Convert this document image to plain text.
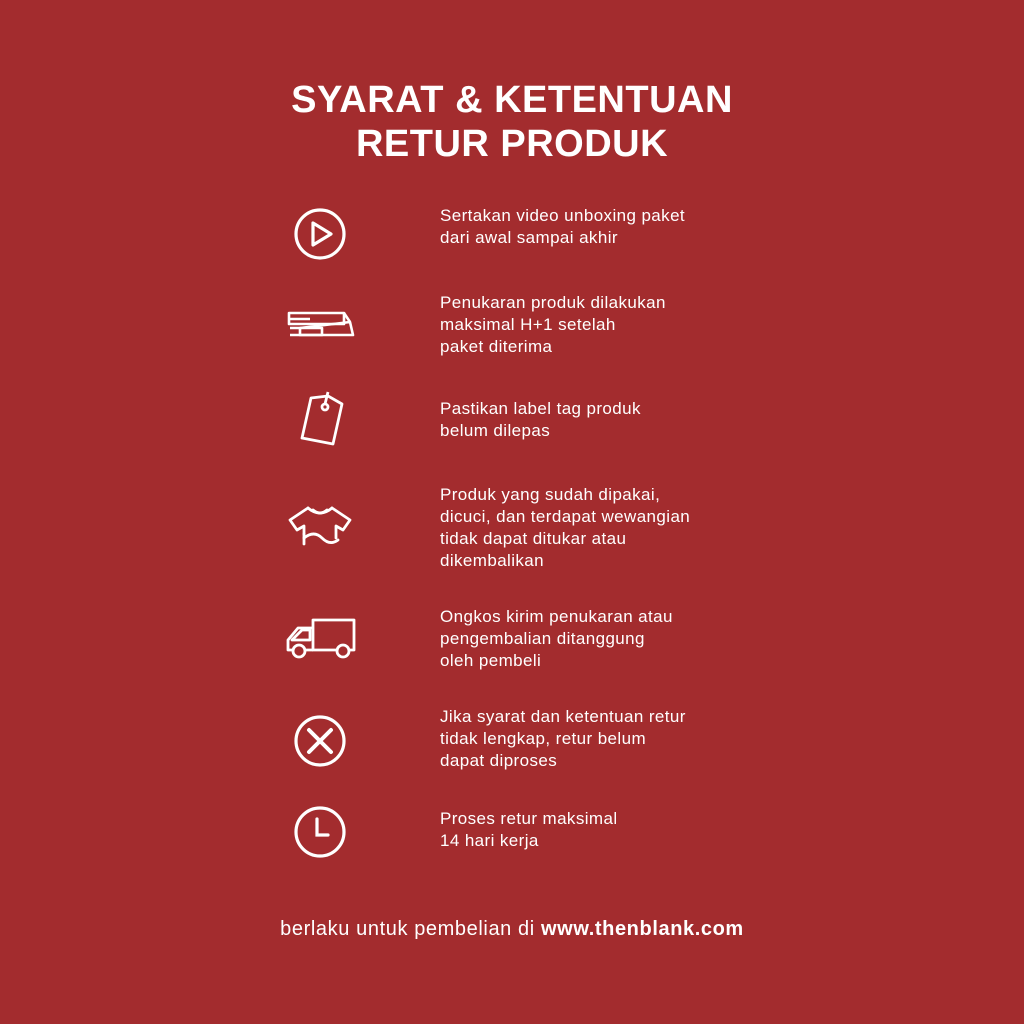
SYARAT & KETENTUAN
RETUR PRODUK
Sertakan video unboxing paket
dari awal sampai akhir
Penukaran produk dilakukan
maksimal H+1 setelah
paket diterima
Pastikan label tag produk
belum dilepas
Produk yang sudah dipakai,
dicuci, dan terdapat wewangian
tidak dapat ditukar atau
dikembalikan
Ongkos kirim penukaran atau
pengembalian ditanggung
oleh pembeli
Jika syarat dan ketentuan retur
tidak lengkap, retur belum
dapat diproses
Proses retur maksimal
14 hari kerja
berlaku untuk pembelian di www.thenblank.com
